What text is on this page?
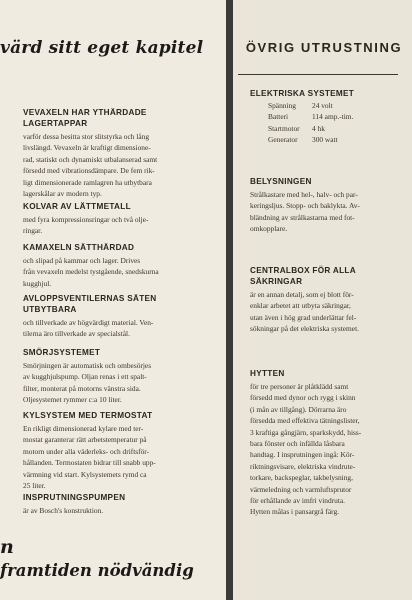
värd sitt eget kapitel	ÖVRIG UTRUSTNING
VEVAXELN HAR YTHÄRDADE
LAGERTAPPAR
varför dessa besitta stor slitstyrka och lång
livslängd. Vevaxeln är kraftigt dimensione-
rad, statiskt och dynamiskt utbalanserad samt
försedd med vibrationsdämpare. De fem rik-
ligt dimensionerade ramlagren ha utbytbara
lagerskålar av modern typ.
KOLVAR AV LÄTTMETALL
med fyra kompressionsringar och två olje-
ringar.
KAMAXELN SÄTTHÄRDAD
och slipad på kammar och lager. Drives
från vevaxeln medelst tystgående, snedskurna
kugghjul.
AVLOPPSVENTILERNAS SÄTEN
UTBYTBARA
och tillverkade av högvärdigt material. Ven-
tilerna äro tillverkade av specialstål.
SMÖRJSYSTEMET
Smörjningen är automatisk och ombesörjes
av kugghjulspump. Oljan renas i ett spalt-
filter, monterat på motorns vänstra sida.
Oljesystemet rymmer c:a 10 liter.
KYLSYSTEM MED TERMOSTAT
En rikligt dimensionerad kylare med ter-
mostat garanterar rätt arbetstemperatur på
motorn under alla väderleks- och driftsför-
hållanden. Termostaten bidrar till snabb upp-
värmning vid start. Kylsystemets rymd ca
25 liter.
INSPRUTNINGSPUMPEN
är av Bosch's konstruktion.
n
framtiden nödvändig
ELEKTRISKA SYSTEMET
Spänning	24 volt
Batteri	114 amp.-tim.
Startmotor	4 hk
Generator	300 watt
BELYSNINGEN
Strålkastare med hel-, halv- och par-
keringsljus. Stopp- och baklykta. Av-
bländning av strålkastarna med fot-
omkopplare.
CENTRALBOX FÖR ALLA
SÄKRINGAR
är en annan detalj, som ej blott för-
enklar arbetet att utbyta säkringar,
utan även i hög grad underlättar fel-
sökningar på det elektriska systemet.
HYTTEN
för tre personer är plåtklädd samt
försedd med dynor och rygg i skinn
(i mån av tillgång). Dörrarna äro
försedda med effektiva tätningslister,
3 kraftiga gångjärn, sparkskydd, hiss-
bara fönster och infällda låsbara
handtag. I insprutningen ingå: Kör-
riktningsvisare, elektriska vindrute-
torkare, backspeglar, takbelysning,
värmeledning och varmluftsprutor
för erhållande av imfri vindruta.
Hytten målas i pansargrå färg.
